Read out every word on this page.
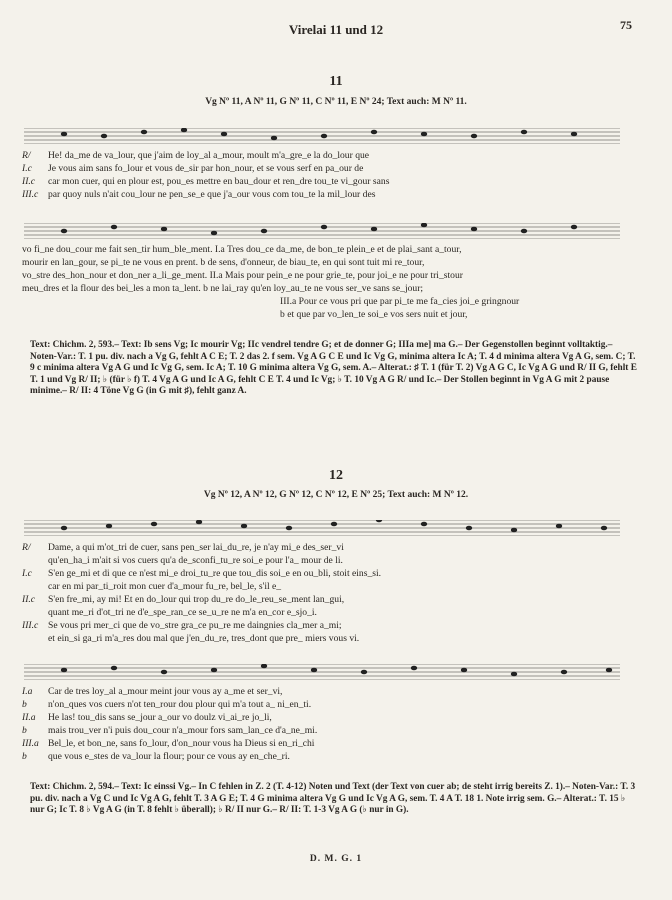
Virelai 11 und 12	75
11
Vg Nº 11, A Nº 11, G Nº 11, C Nº 11, E Nº 24; Text auch: M Nº 11.
R/ He! da_me de va_lour, que j'aim de loy_al a_mour, moult m'a_gre_e la do_lour que
I.c Je vous aim sans fo_lour et vous de_sir par hon_nour, et se vous serf en pa_our de
II.c car mon cuer, qui en plour est, pou_es mettre en bau_dour et ren_dre tou_te vi_gour sans
III.c par quoy nuls n'ait cou_lour ne pen_se_e que j'a_our vous com tou_te la mil_lour des
vo fi_ne dou_cour me fait sen_tir hum_ble_ment. I.a Tres dou_ce da_me, de bon_te plein_e et de plai_sant a_tour,
mourir en lan_gour, se pi_te ne vous en prent. b de sens, d'onneur, de biau_te, en qui sont tuit mi re_tour,
vo_stre des_hon_nour et don_ner a_li_ge_ment. II.a Mais pour pein_e ne pour grie_te, pour joi_e ne pour tri_stour
meu_dres et la flour des bei_les a mon ta_lent. b ne lai_ray qu'en loy_au_te ne vous ser_ve sans se_jour;
III.a Pour ce vous pri que par pi_te me fa_cies joi_e gringnour
b et que par vo_len_te soi_e vos sers nuit et jour,
Text: Chichm. 2, 593.– Text: Ib sens Vg; Ic mourir Vg; IIc vendrel tendre G; et de donner G; IIIa me] ma G.– Der Gegenstollen beginnt volltaktig.– Noten-Var.: T. 1 pu. div. nach a Vg G, fehlt A C E; T. 2 das 2. f sem. Vg A G C E und Ic Vg G, minima altera Ic A; T. 4 d minima altera Vg A G, sem. C; T. 9 c minima altera Vg A G und Ic Vg G, sem. Ic A; T. 10 G minima altera Vg G, sem. A.– Alterat.: ♯ T. 1 (für T. 2) Vg A G C, Ic Vg A G und R/ II G, fehlt E T. 1 und Vg R/ II; ♭ (für ♭ f) T. 4 Vg A G und Ic A G, fehlt C E T. 4 und Ic Vg; ♭ T. 10 Vg A G R/ und Ic.– Der Stollen beginnt in Vg A G mit 2 pause minime.– R/ II: 4 Töne Vg G (in G mit ♯), fehlt ganz A.
12
Vg Nº 12, A Nº 12, G Nº 12, C Nº 12, E Nº 25; Text auch: M Nº 12.
R/ Dame, a qui m'ot_tri de cuer, sans pen_ser lai_du_re, je n'ay mi_e des_ser_vi
qu'en_ha_i m'ait si vos cuers qu'a de_sconfi_tu_re soi_e pour l'a_ mour de li.
I.c S'en ge_mi et di que ce n'est mi_e droi_tu_re que tou_dis soi_e en ou_bli, stoit eins_si.
car en mi par_ti_roit mon cuer d'a_mour fu_re, bel_le, s'il e_
II.c S'en fre_mi, ay mi! Et en do_lour qui trop du_re do_le_reu_se_ment lan_gui,
quant me_ri d'ot_tri ne d'e_spe_ran_ce se_u_re ne m'a en_cor e_sjo_i.
III.c Se vous pri mer_ci que de vo_stre gra_ce pu_re me daingnies cla_mer a_mi;
et ein_si ga_ri m'a_res dou mal que j'en_du_re, tres_dont que pre_ miers vous vi.
I.a Car de tres loy_al a_mour meint jour vous ay a_me et ser_vi,
b n'on_ques vos cuers n'ot ten_rour dou plour qui m'a tout a_ ni_en_ti.
II.a He las! tou_dis sans se_jour a_our vo doulz vi_ai_re jo_li,
b mais trou_ver n'i puis dou_cour n'a_mour fors sam_lan_ce d'a_ne_mi.
III.a Bel_le, et bon_ne, sans fo_lour, d'on_nour vous ha Dieus si en_ri_chi
b que vous e_stes de va_lour la flour; pour ce vous ay en_che_ri.
Text: Chichm. 2, 594.– Text: Ic einssi Vg.– In C fehlen in Z. 2 (T. 4-12) Noten und Text (der Text von cuer ab; de steht irrig bereits Z. 1).– Noten-Var.: T. 3 pu. div. nach a Vg C und Ic Vg A G, fehlt T. 3 A G E; T. 4 G minima altera Vg G und Ic Vg A G, sem. T. 4 A T. 18 1. Note irrig sem. G.– Alterat.: T. 15 ♭ nur G; Ic T. 8 ♭ Vg A G (in T. 8 fehlt ♭ überall); ♭ R/ II nur G.– R/ II: T. 1-3 Vg A G (♭ nur in G).
D. M. G. 1
